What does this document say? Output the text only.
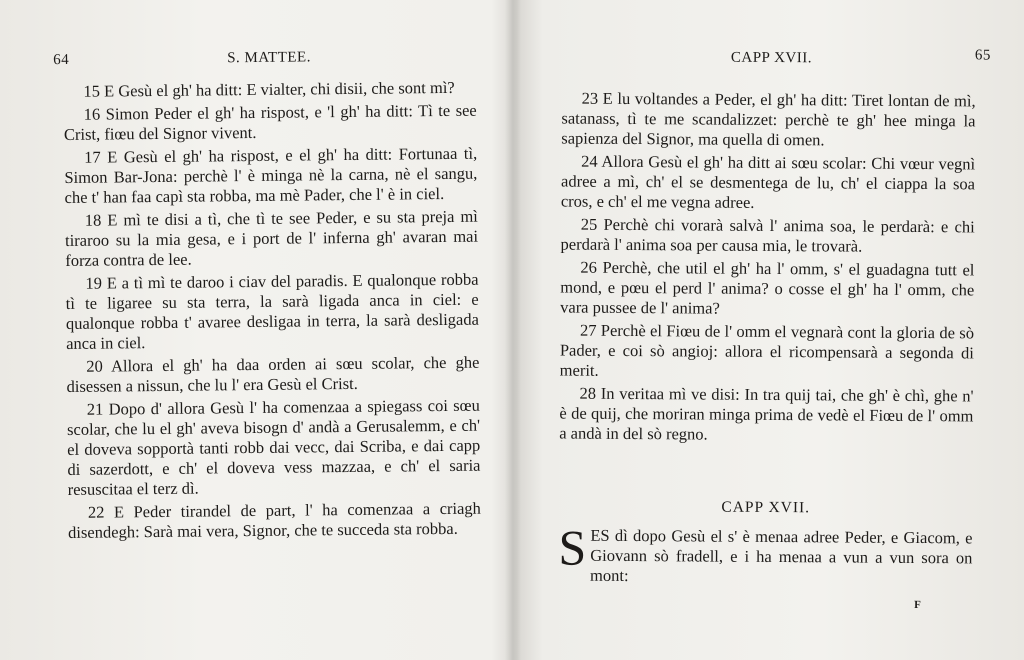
64	S. MATTEE.

15 E Gesù el gh' ha ditt: E vialter, chi disii, che sont mì?

16 Simon Peder el gh' ha rispost, e 'l gh' ha ditt: Tì te see Crist, fiœu del Signor vivent.

17 E Gesù el gh' ha rispost, e el gh' ha ditt: Fortunaa tì, Simon Bar-Jona: perchè l' è minga nè la carna, nè el sangu, che t' han faa capì sta robba, ma mè Pader, che l' è in ciel.

18 E mì te disi a tì, che tì te see Peder, e su sta preja mì tiraroo su la mia gesa, e i port de l' inferna gh' avaran mai forza contra de lee.

19 E a tì mì te daroo i ciav del paradis. E qualonque robba tì te ligaree su sta terra, la sarà ligada anca in ciel: e qualonque robba t' avaree desligaa in terra, la sarà desligada anca in ciel.

20 Allora el gh' ha daa orden ai sœu scolar, che ghe disessen a nissun, che lu l' era Gesù el Crist.

21 Dopo d' allora Gesù l' ha comenzaa a spiegass coi sœu scolar, che lu el gh' aveva bisogn d' andà a Gerusalemm, e ch' el doveva sopportà tanti robb dai vecc, dai Scriba, e dai capp di sazerdott, e ch' el doveva vess mazzaa, e ch' el saria resuscitaa el terz dì.

22 E Peder tirandel de part, l' ha comenzaa a criagh disendegh: Sarà mai vera, Signor, che te succeda sta robba.

CAPP XVII.	65

23 E lu voltandes a Peder, el gh' ha ditt: Tiret lontan de mì, satanass, tì te me scandalizzet: perchè te gh' hee minga la sapienza del Signor, ma quella di omen.

24 Allora Gesù el gh' ha ditt ai sœu scolar: Chi vœur vegnì adree a mì, ch' el se desmentega de lu, ch' el ciappa la soa cros, e ch' el me vegna adree.

25 Perchè chi vorarà salvà l' anima soa, le perdarà: e chi perdarà l' anima soa per causa mia, le trovarà.

26 Perchè, che util el gh' ha l' omm, s' el guadagna tutt el mond, e pœu el perd l' anima? o cosse el gh' ha l' omm, che vara pussee de l' anima?

27 Perchè el Fiœu de l' omm el vegnarà cont la gloria de sò Pader, e coi sò angioj: allora el ricompensarà a segonda di merit.

28 In veritaa mì ve disi: In tra quij tai, che gh' è chì, ghe n' è de quij, che moriran minga prima de vedè el Fiœu de l' omm a andà in del sò regno.

CAPP XVII.

SES dì dopo Gesù el s' è menaa adree Peder, e Giacom, e Giovann sò fradell, e i ha menaa a vun a vun sora on mont:

F
